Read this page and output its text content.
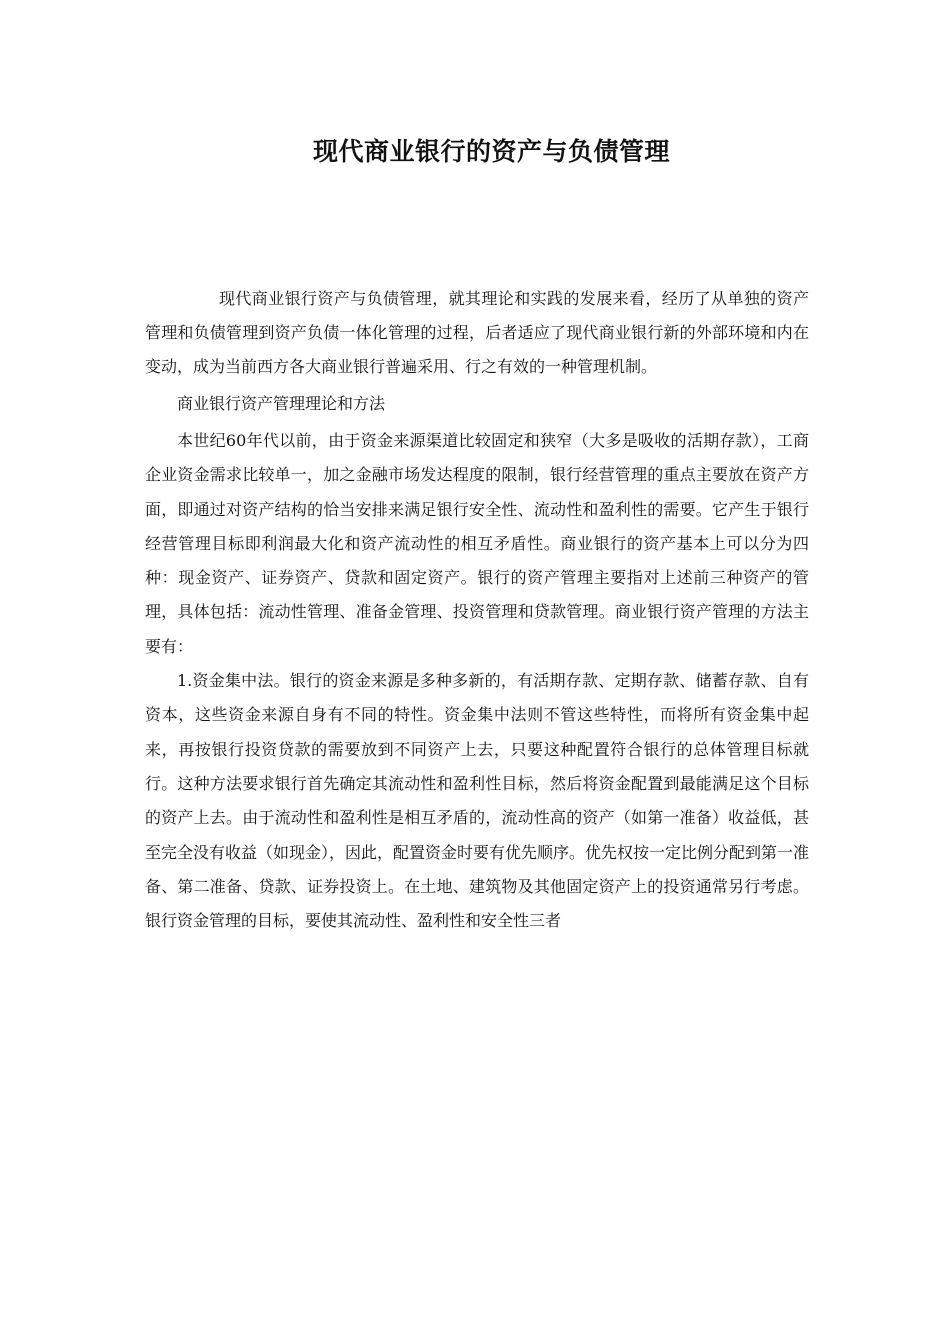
现代商业银行的资产与负债管理

现代商业银行资产与负债管理，就其理论和实践的发展来看，经历了从单独的资产管理和负债管理到资产负债一体化管理的过程，后者适应了现代商业银行新的外部环境和内在变动，成为当前西方各大商业银行普遍采用、行之有效的一种管理机制。

商业银行资产管理理论和方法

本世纪60年代以前，由于资金来源渠道比较固定和狭窄（大多是吸收的活期存款），工商企业资金需求比较单一，加之金融市场发达程度的限制，银行经营管理的重点主要放在资产方面，即通过对资产结构的恰当安排来满足银行安全性、流动性和盈利性的需要。它产生于银行经营管理目标即利润最大化和资产流动性的相互矛盾性。商业银行的资产基本上可以分为四种：现金资产、证券资产、贷款和固定资产。银行的资产管理主要指对上述前三种资产的管理，具体包括：流动性管理、准备金管理、投资管理和贷款管理。商业银行资产管理的方法主要有：

1.资金集中法。银行的资金来源是多种多新的，有活期存款、定期存款、储蓄存款、自有资本，这些资金来源自身有不同的特性。资金集中法则不管这些特性，而将所有资金集中起来，再按银行投资贷款的需要放到不同资产上去，只要这种配置符合银行的总体管理目标就行。这种方法要求银行首先确定其流动性和盈利性目标，然后将资金配置到最能满足这个目标的资产上去。由于流动性和盈利性是相互矛盾的，流动性高的资产（如第一准备）收益低，甚至完全没有收益（如现金），因此，配置资金时要有优先顺序。优先权按一定比例分配到第一准备、第二准备、贷款、证券投资上。在土地、建筑物及其他固定资产上的投资通常另行考虑。银行资金管理的目标，要使其流动性、盈利性和安全性三者
